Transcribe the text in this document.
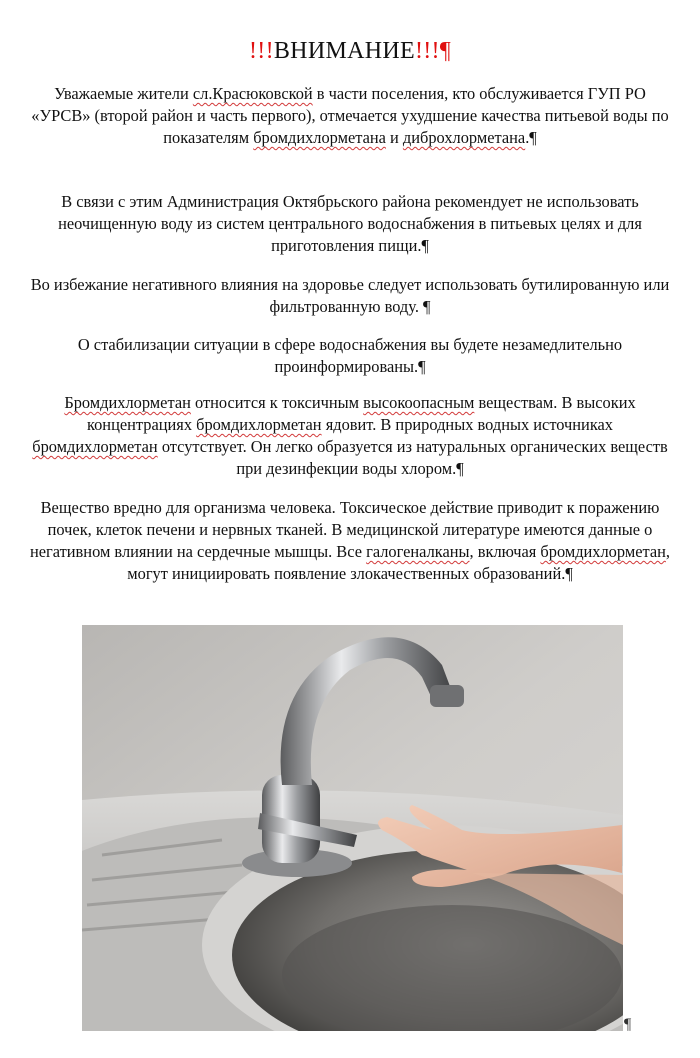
!!!ВНИМАНИЕ!!!¶
Уважаемые жители сл.Красюковской в части поселения, кто обслуживается ГУП РО «УРСВ» (второй район и часть первого), отмечается ухудшение качества питьевой воды по показателям бромдихлорметана и диброхлорметана.¶
В связи с этим Администрация Октябрьского района рекомендует не использовать неочищенную воду из систем центрального водоснабжения в питьевых целях и для приготовления пищи.¶
Во избежание негативного влияния на здоровье следует использовать бутилированную или фильтрованную воду. ¶
О стабилизации ситуации в сфере водоснабжения вы будете незамедлительно проинформированы.¶
Бромдихлорметан относится к токсичным высокоопасным веществам. В высоких концентрациях бромдихлорметан ядовит. В природных водных источниках бромдихлорметан отсутствует. Он легко образуется из натуральных органических веществ при дезинфекции воды хлором.¶
Вещество вредно для организма человека. Токсическое действие приводит к поражению почек, клеток печени и нервных тканей. В медицинской литературе имеются данные о негативном влиянии на сердечные мышцы. Все галогеналканы, включая бромдихлорметан, могут инициировать появление злокачественных образований.¶
¶
